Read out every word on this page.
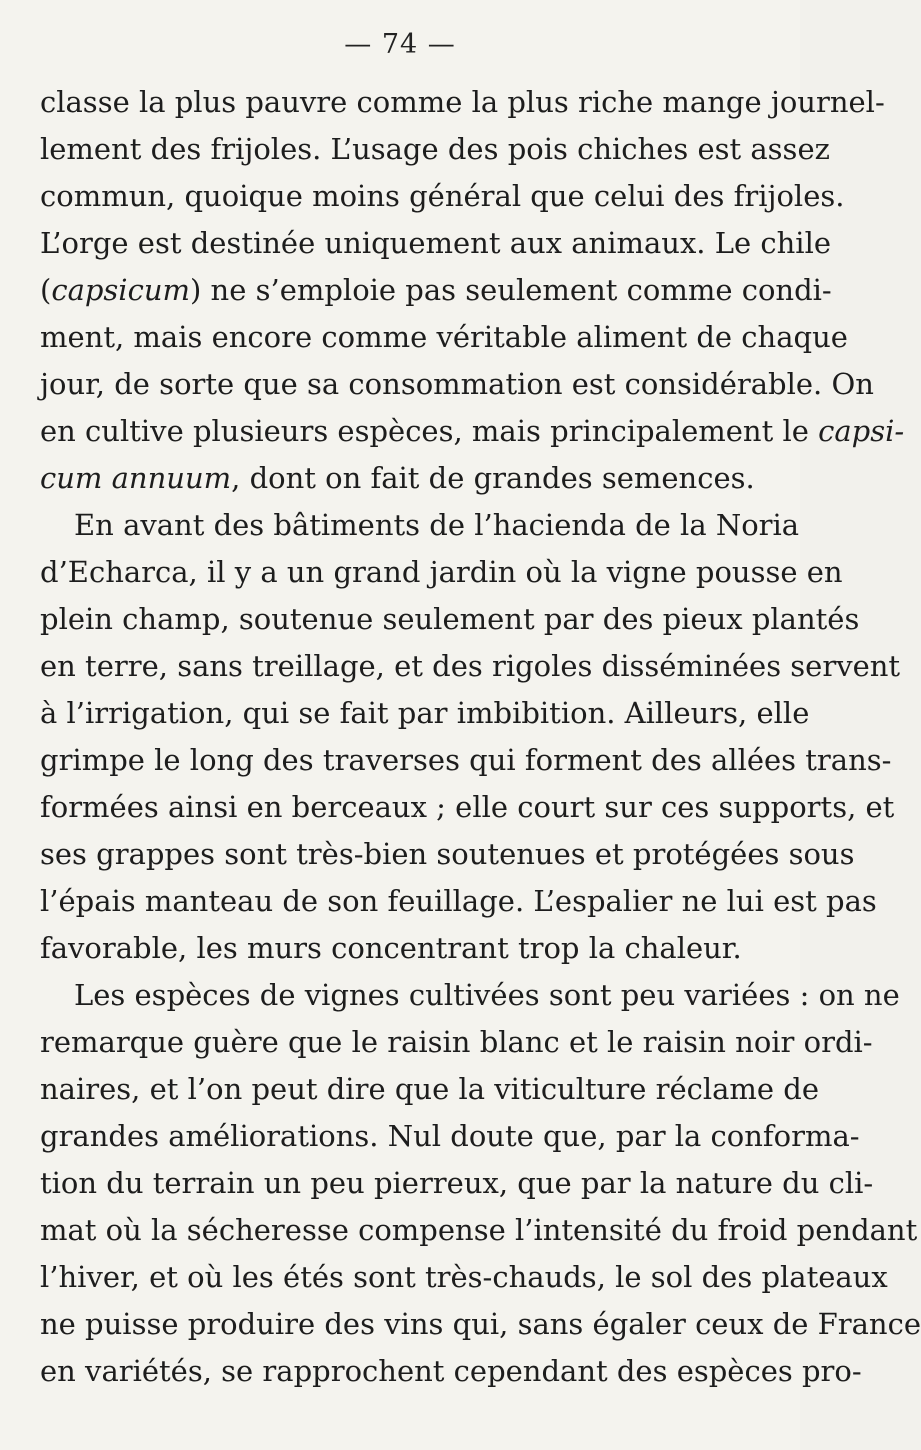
— 74 —
classe la plus pauvre comme la plus riche mange journel-
lement des frijoles. L’usage des pois chiches est assez
commun, quoique moins général que celui des frijoles.
L’orge est destinée uniquement aux animaux. Le chile
(capsicum) ne s’emploie pas seulement comme condi-
ment, mais encore comme véritable aliment de chaque
jour, de sorte que sa consommation est considérable. On
en cultive plusieurs espèces, mais principalement le capsi-
cum annuum, dont on fait de grandes semences.
En avant des bâtiments de l’hacienda de la Noria
d’Echarca, il y a un grand jardin où la vigne pousse en
plein champ, soutenue seulement par des pieux plantés
en terre, sans treillage, et des rigoles disséminées servent
à l’irrigation, qui se fait par imbibition. Ailleurs, elle
grimpe le long des traverses qui forment des allées trans-
formées ainsi en berceaux ; elle court sur ces supports, et
ses grappes sont très-bien soutenues et protégées sous
l’épais manteau de son feuillage. L’espalier ne lui est pas
favorable, les murs concentrant trop la chaleur.
Les espèces de vignes cultivées sont peu variées : on ne
remarque guère que le raisin blanc et le raisin noir ordi-
naires, et l’on peut dire que la viticulture réclame de
grandes améliorations. Nul doute que, par la conforma-
tion du terrain un peu pierreux, que par la nature du cli-
mat où la sécheresse compense l’intensité du froid pendant
l’hiver, et où les étés sont très-chauds, le sol des plateaux
ne puisse produire des vins qui, sans égaler ceux de France
en variétés, se rapprochent cependant des espèces pro-
